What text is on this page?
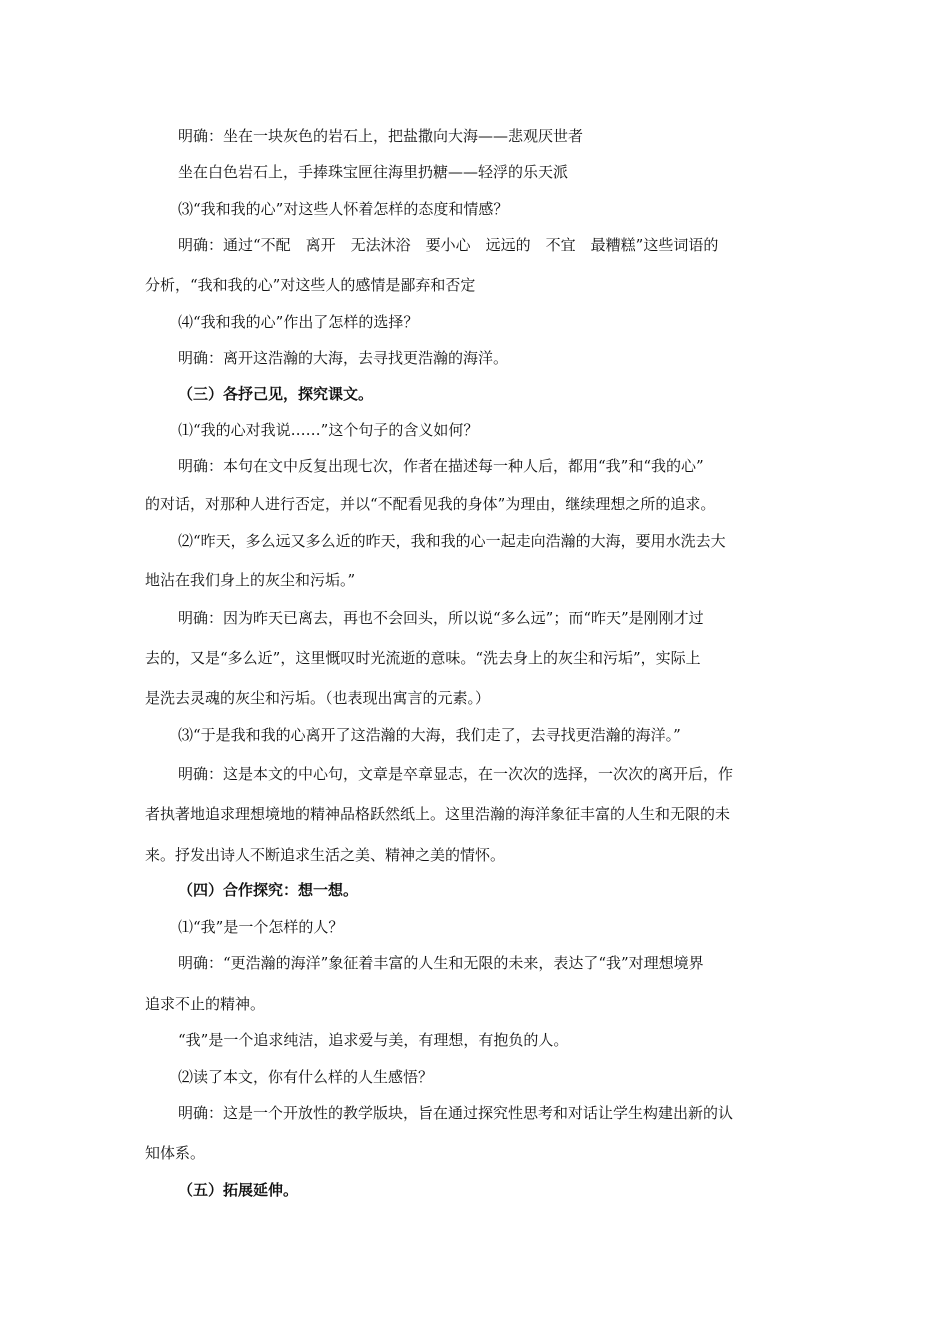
明确：坐在一块灰色的岩石上，把盐撒向大海——悲观厌世者
坐在白色岩石上，手捧珠宝匣往海里扔糖——轻浮的乐天派
⑶“我和我的心”对这些人怀着怎样的态度和情感？
明确：通过“不配　离开　无法沐浴　要小心　远远的　不宜　最糟糕”这些词语的
分析，“我和我的心”对这些人的感情是鄙弃和否定
⑷“我和我的心”作出了怎样的选择？
明确：离开这浩瀚的大海，去寻找更浩瀚的海洋。
（三）各抒己见，探究课文。
⑴“我的心对我说……”这个句子的含义如何？
明确：本句在文中反复出现七次，作者在描述每一种人后，都用“我”和“我的心”
的对话，对那种人进行否定，并以“不配看见我的身体”为理由，继续理想之所的追求。
⑵“昨天，多么远又多么近的昨天，我和我的心一起走向浩瀚的大海，要用水洗去大
地沾在我们身上的灰尘和污垢。”
明确：因为昨天已离去，再也不会回头，所以说“多么远”；而“昨天”是刚刚才过
去的，又是“多么近”，这里慨叹时光流逝的意味。“洗去身上的灰尘和污垢”，实际上
是洗去灵魂的灰尘和污垢。（也表现出寓言的元素。）
⑶“于是我和我的心离开了这浩瀚的大海，我们走了，去寻找更浩瀚的海洋。”
明确：这是本文的中心句，文章是卒章显志，在一次次的选择，一次次的离开后，作
者执著地追求理想境地的精神品格跃然纸上。这里浩瀚的海洋象征丰富的人生和无限的未
来。抒发出诗人不断追求生活之美、精神之美的情怀。
（四）合作探究：想一想。
⑴“我”是一个怎样的人？
明确：“更浩瀚的海洋”象征着丰富的人生和无限的未来，表达了“我”对理想境界
追求不止的精神。
“我”是一个追求纯洁，追求爱与美，有理想，有抱负的人。
⑵读了本文，你有什么样的人生感悟？
明确：这是一个开放性的教学版块，旨在通过探究性思考和对话让学生构建出新的认
知体系。
（五）拓展延伸。
